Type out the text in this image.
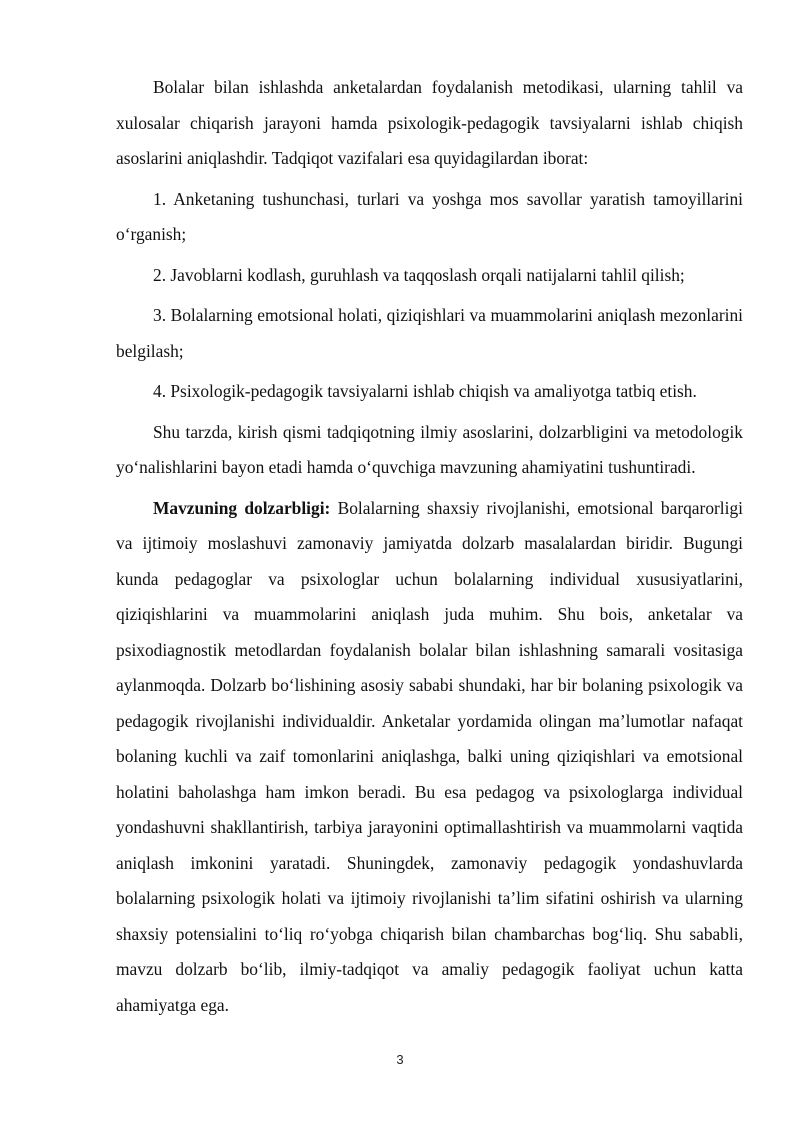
Bolalar bilan ishlashda anketalardan foydalanish metodikasi, ularning tahlil va xulosalar chiqarish jarayoni hamda psixologik-pedagogik tavsiyalarni ishlab chiqish asoslarini aniqlashdir. Tadqiqot vazifalari esa quyidagilardan iborat:

1. Anketaning tushunchasi, turlari va yoshga mos savollar yaratish tamoyillarini o‘rganish;

2. Javoblarni kodlash, guruhlash va taqqoslash orqali natijalarni tahlil qilish;

3. Bolalarning emotsional holati, qiziqishlari va muammolarini aniqlash mezonlarini belgilash;

4. Psixologik-pedagogik tavsiyalarni ishlab chiqish va amaliyotga tatbiq etish.

Shu tarzda, kirish qismi tadqiqotning ilmiy asoslarini, dolzarbligini va metodologik yo‘nalishlarini bayon etadi hamda o‘quvchiga mavzuning ahamiyatini tushuntiradi.

Mavzuning dolzarbligi: Bolalarning shaxsiy rivojlanishi, emotsional barqarorligi va ijtimoiy moslashuvi zamonaviy jamiyatda dolzarb masalalardan biridir. Bugungi kunda pedagoglar va psixologlar uchun bolalarning individual xususiyatlarini, qiziqishlarini va muammolarini aniqlash juda muhim. Shu bois, anketalar va psixodiagnostik metodlardan foydalanish bolalar bilan ishlashning samarali vositasiga aylanmoqda. Dolzarb bo‘lishining asosiy sababi shundaki, har bir bolaning psixologik va pedagogik rivojlanishi individualdir. Anketalar yordamida olingan ma’lumotlar nafaqat bolaning kuchli va zaif tomonlarini aniqlashga, balki uning qiziqishlari va emotsional holatini baholashga ham imkon beradi. Bu esa pedagog va psixologlarga individual yondashuvni shakllantirish, tarbiya jarayonini optimallashtirish va muammolarni vaqtida aniqlash imkonini yaratadi. Shuningdek, zamonaviy pedagogik yondashuvlarda bolalarning psixologik holati va ijtimoiy rivojlanishi ta’lim sifatini oshirish va ularning shaxsiy potensialini to‘liq ro‘yobga chiqarish bilan chambarchas bog‘liq. Shu sababli, mavzu dolzarb bo‘lib, ilmiy-tadqiqot va amaliy pedagogik faoliyat uchun katta ahamiyatga ega.

3
